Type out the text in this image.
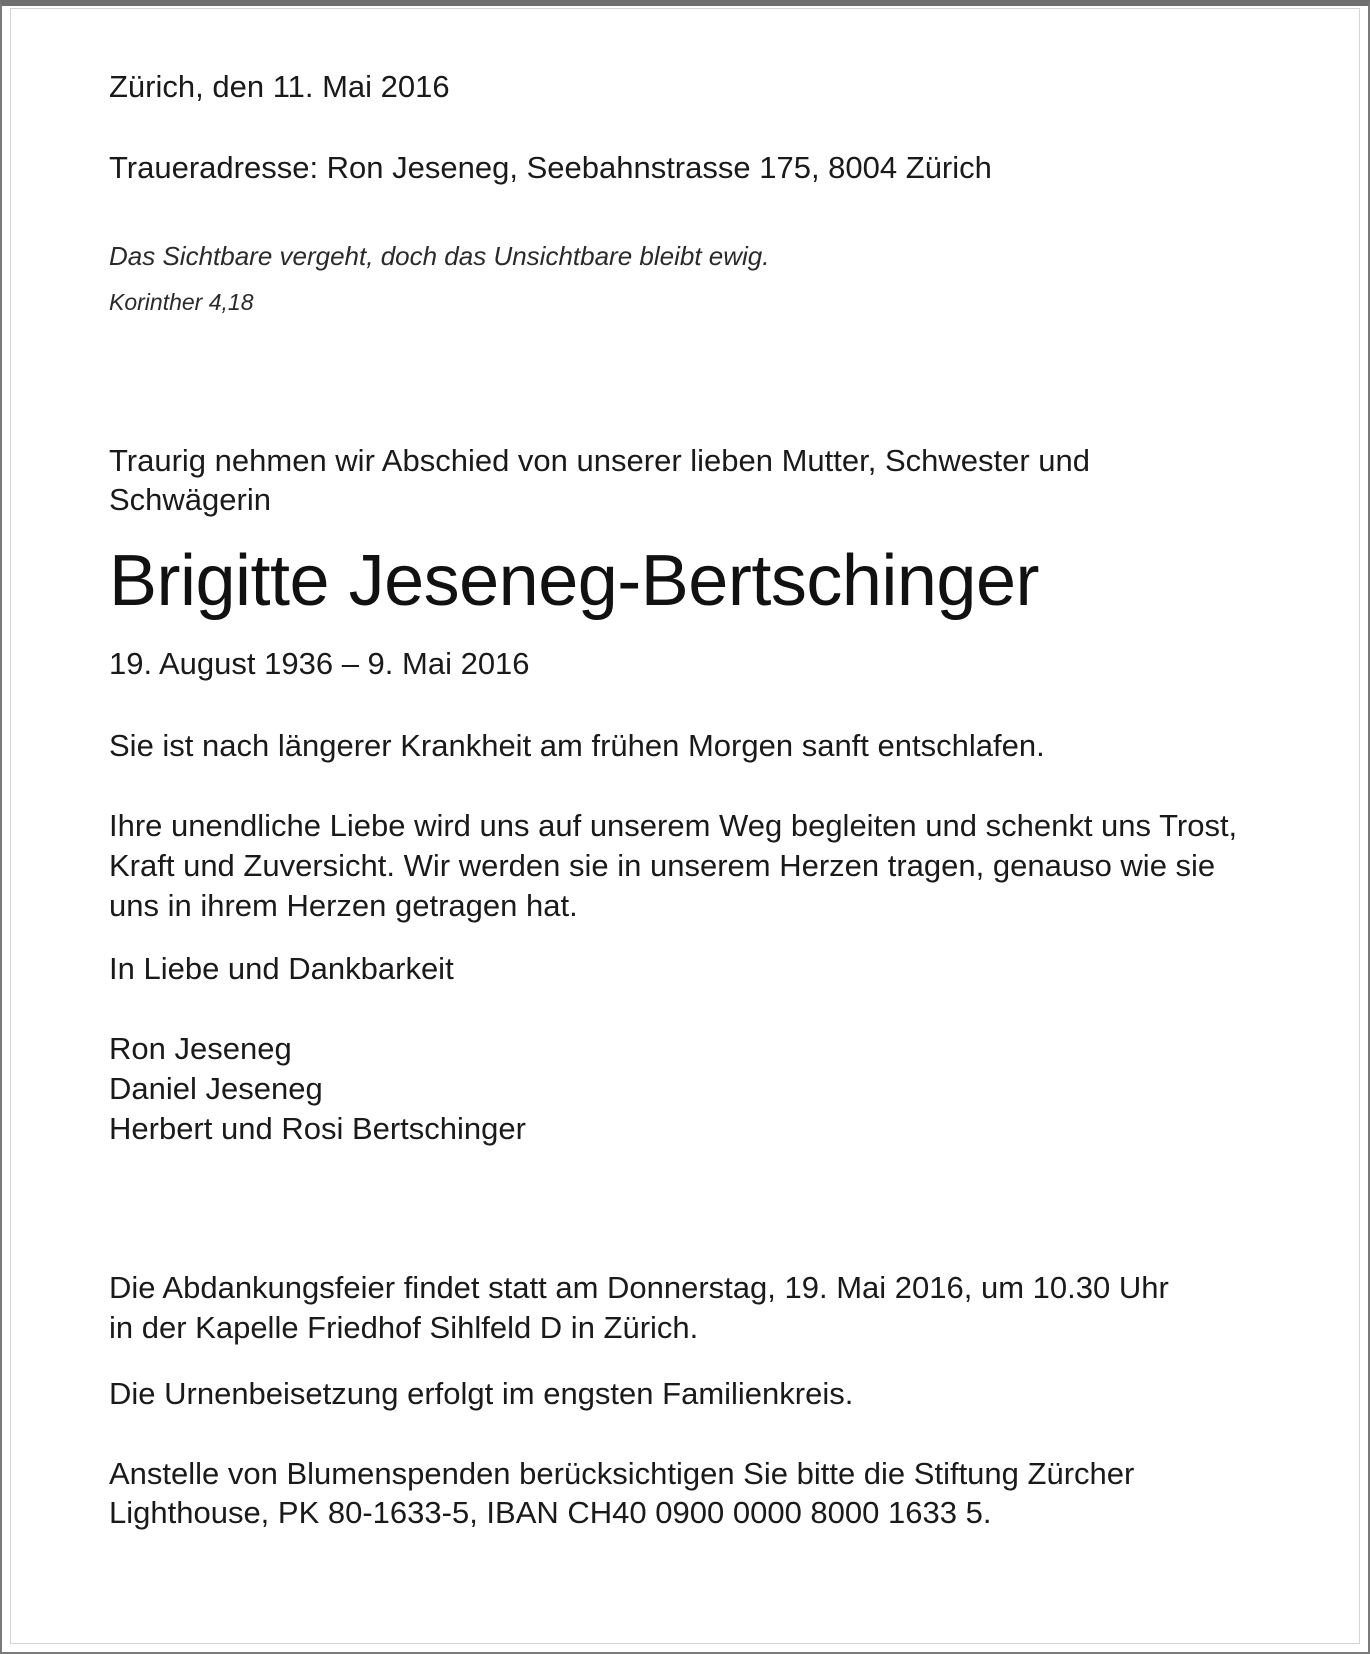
Zürich, den 11. Mai 2016
Traueradresse: Ron Jeseneg, Seebahnstrasse 175, 8004 Zürich
Das Sichtbare vergeht, doch das Unsichtbare bleibt ewig.
Korinther 4,18
Traurig nehmen wir Abschied von unserer lieben Mutter, Schwester und
Schwägerin
Brigitte Jeseneg-Bertschinger
19. August 1936 – 9. Mai 2016
Sie ist nach längerer Krankheit am frühen Morgen sanft entschlafen.
Ihre unendliche Liebe wird uns auf unserem Weg begleiten und schenkt uns Trost,
Kraft und Zuversicht. Wir werden sie in unserem Herzen tragen, genauso wie sie
uns in ihrem Herzen getragen hat.
In Liebe und Dankbarkeit
Ron Jeseneg
Daniel Jeseneg
Herbert und Rosi Bertschinger
Die Abdankungsfeier findet statt am Donnerstag, 19. Mai 2016, um 10.30 Uhr
in der Kapelle Friedhof Sihlfeld D in Zürich.
Die Urnenbeisetzung erfolgt im engsten Familienkreis.
Anstelle von Blumenspenden berücksichtigen Sie bitte die Stiftung Zürcher
Lighthouse, PK 80-1633-5, IBAN CH40 0900 0000 8000 1633 5.
